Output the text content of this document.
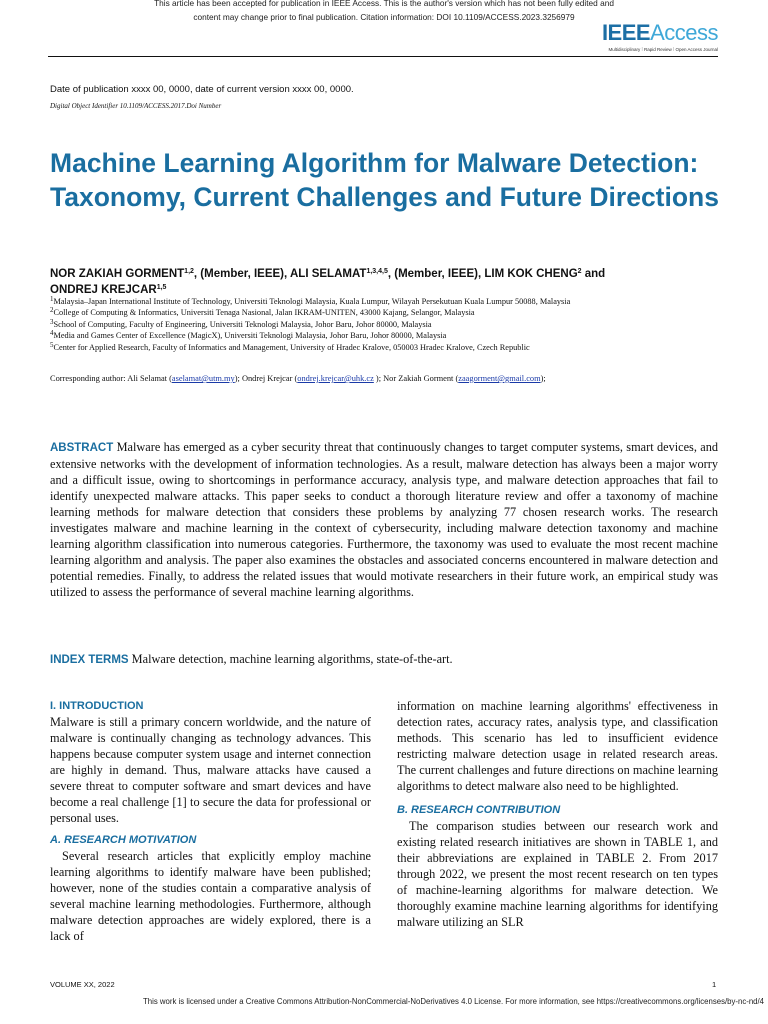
This article has been accepted for publication in IEEE Access. This is the author's version which has not been fully edited and
content may change prior to final publication. Citation information: DOI 10.1109/ACCESS.2023.3256979
IEEEAccess
Multidisciplinary ⁞ Rapid Review ⁞ Open Access Journal
Date of publication xxxx 00, 0000, date of current version xxxx 00, 0000.
Digital Object Identifier 10.1109/ACCESS.2017.Doi Number
Machine Learning Algorithm for Malware Detection: Taxonomy, Current Challenges and Future Directions
NOR ZAKIAH GORMENT$^{1,2}$, (Member, IEEE), ALI SELAMAT$^{1,3,4,5}$, (Member, IEEE), LIM KOK CHENG$^2$ and ONDREJ KREJCAR$^{1,5}$
$^1$Malaysia–Japan International Institute of Technology, Universiti Teknologi Malaysia, Kuala Lumpur, Wilayah Persekutuan Kuala Lumpur 50088, Malaysia
$^2$College of Computing & Informatics, Universiti Tenaga Nasional, Jalan IKRAM-UNITEN, 43000 Kajang, Selangor, Malaysia
$^3$School of Computing, Faculty of Engineering, Universiti Teknologi Malaysia, Johor Baru, Johor 80000, Malaysia
$^4$Media and Games Center of Excellence (MagicX), Universiti Teknologi Malaysia, Johor Baru, Johor 80000, Malaysia
$^5$Center for Applied Research, Faculty of Informatics and Management, University of Hradec Kralove, 050003 Hradec Kralove, Czech Republic
Corresponding author: Ali Selamat (aselamat@utm.my); Ondrej Krejcar (ondrej.krejcar@uhk.cz ); Nor Zakiah Gorment (zaagorment@gmail.com);

ABSTRACT Malware has emerged as a cyber security threat that continuously changes to target computer systems, smart devices, and extensive networks with the development of information technologies. As a result, malware detection has always been a major worry and a difficult issue, owing to shortcomings in performance accuracy, analysis type, and malware detection approaches that fail to identify unexpected malware attacks. This paper seeks to conduct a thorough literature review and offer a taxonomy of machine learning methods for malware detection that considers these problems by analyzing 77 chosen research works. The research investigates malware and machine learning in the context of cybersecurity, including malware detection taxonomy and machine learning algorithm classification into numerous categories. Furthermore, the taxonomy was used to evaluate the most recent machine learning algorithm and analysis. The paper also examines the obstacles and associated concerns encountered in malware detection and potential remedies. Finally, to address the related issues that would motivate researchers in their future work, an empirical study was utilized to assess the performance of several machine learning algorithms.

INDEX TERMS Malware detection, machine learning algorithms, state-of-the-art.

I. INTRODUCTION

Malware is still a primary concern worldwide, and the nature of malware is continually changing as technology advances. This happens because computer system usage and internet connection are highly in demand. Thus, malware attacks have caused a severe threat to computer software and smart devices and have become a real challenge [1] to secure the data for professional or personal uses.

A. RESEARCH MOTIVATION

Several research articles that explicitly employ machine learning algorithms to identify malware have been published; however, none of the studies contain a comparative analysis of several machine learning methodologies. Furthermore, although malware detection approaches are widely explored, there is a lack of

information on machine learning algorithms' effectiveness in detection rates, accuracy rates, analysis type, and classification methods. This scenario has led to insufficient evidence restricting malware detection usage in related research areas. The current challenges and future directions on machine learning algorithms to detect malware also need to be highlighted.

B. RESEARCH CONTRIBUTION

The comparison studies between our research work and existing related research initiatives are shown in TABLE 1, and their abbreviations are explained in TABLE 2. From 2017 through 2022, we present the most recent research on ten types of machine-learning algorithms for malware detection. We thoroughly examine machine learning algorithms for identifying malware utilizing an SLR

VOLUME XX, 2022	1
This work is licensed under a Creative Commons Attribution-NonCommercial-NoDerivatives 4.0 License. For more information, see https://creativecommons.org/licenses/by-nc-nd/4
